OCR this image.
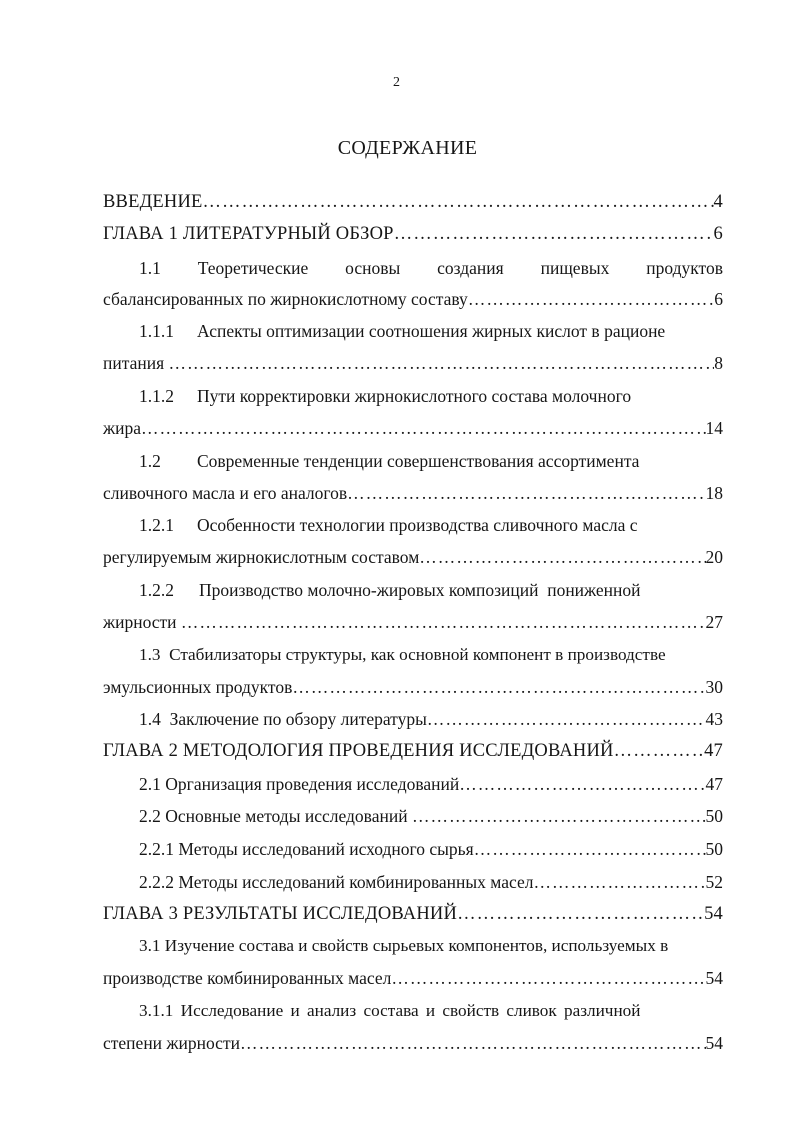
2
СОДЕРЖАНИЕ
ВВЕДЕНИЕ …………………………………………………………………………………………………………………………………………………………………………………………………	4
ГЛАВА 1 ЛИТЕРАТУРНЫЙ ОБЗОР …………………………………………………………………………………………………………………………………………………………………………………………………	6
1.1 Теоретические основы создания пищевых продуктов
сбалансированных по жирнокислотному составу …………………………………………………………………………………………………………………………………………………………………………………………………	6
1.1.1 Аспекты оптимизации соотношения жирных кислот в рационе
питания …………………………………………………………………………………………………………………………………………………………………………………………………	8
1.1.2 Пути корректировки жирнокислотного состава молочного
жира …………………………………………………………………………………………………………………………………………………………………………………………………	14
1.2 Современные тенденции совершенствования ассортимента
сливочного масла и его аналогов …………………………………………………………………………………………………………………………………………………………………………………………………	18
1.2.1 Особенности технологии производства сливочного масла с
регулируемым жирнокислотным составом …………………………………………………………………………………………………………………………………………………………………………………………………	20
1.2.2 Производство молочно-жировых композиций  пониженной
жирности …………………………………………………………………………………………………………………………………………………………………………………………………	27
1.3  Стабилизаторы структуры, как основной компонент в производстве
эмульсионных продуктов …………………………………………………………………………………………………………………………………………………………………………………………………	30
1.4  Заключение по обзору литературы …………………………………………………………………………………………………………………………………………………………………………………………………	43
ГЛАВА 2 МЕТОДОЛОГИЯ ПРОВЕДЕНИЯ ИССЛЕДОВАНИЙ …………………………………………………………………………………………………………………………………………………………………………………………………	47
2.1 Организация проведения исследований …………………………………………………………………………………………………………………………………………………………………………………………………	47
2.2 Основные методы исследований …………………………………………………………………………………………………………………………………………………………………………………………………	50
2.2.1 Методы исследований исходного сырья …………………………………………………………………………………………………………………………………………………………………………………………………	50
2.2.2 Методы исследований комбинированных масел …………………………………………………………………………………………………………………………………………………………………………………………………	52
ГЛАВА 3 РЕЗУЛЬТАТЫ ИССЛЕДОВАНИЙ …………………………………………………………………………………………………………………………………………………………………………………………………	54
3.1 Изучение состава и свойств сырьевых компонентов, используемых в
производстве комбинированных масел …………………………………………………………………………………………………………………………………………………………………………………………………	54
3.1.1 Исследование и анализ состава и свойств сливок различной
степени жирности …………………………………………………………………………………………………………………………………………………………………………………………………	54
